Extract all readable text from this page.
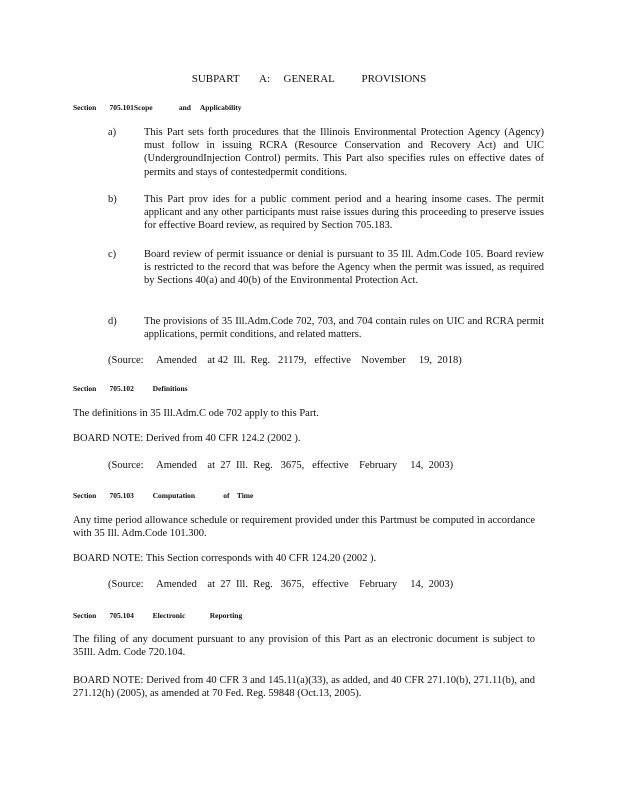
SUBPART   A:  GENERAL    PROVISIONS
Section       705.101Scope              and     Applicability
a)	This Part sets forth procedures that the Illinois Environmental Protection Agency (Agency) must follow in issuing RCRA (Resource Conservation and Recovery Act) and UIC (UndergroundInjection Control) permits. This Part also specifies rules on effective dates of permits and stays of contestedpermit conditions.
b)	This Part prov ides for a public comment period and a hearing insome cases. The permit applicant and any other participants must raise issues during this proceeding to preserve issues for effective Board review, as required by Section 705.183.
c)	Board review of permit issuance or denial is pursuant to 35 Ill. Adm.Code 105. Board review is restricted to the record that was before the Agency when the permit was issued, as required by Sections 40(a) and 40(b) of the Environmental Protection Act.
d)	The provisions of 35 Ill.Adm.Code 702, 703, and 704 contain rules on UIC and RCRA permit applications, permit conditions, and related matters.
(Source:     Amended    at 42  Ill.  Reg.   21179,   effective    November     19,  2018)
Section       705.102          Definitions
The definitions in 35 Ill.Adm.C ode 702 apply to this Part.
BOARD NOTE: Derived from 40 CFR 124.2 (2002 ).
(Source:     Amended    at  27  Ill.  Reg.   3675,   effective    February     14,  2003)
Section       705.103          Computation               of    Time
Any time period allowance schedule or requirement provided under this Partmust be computed in accordance with 35 Ill. Adm.Code 101.300.
BOARD NOTE: This Section corresponds with 40 CFR 124.20 (2002 ).
(Source:     Amended    at  27  Ill.  Reg.   3675,   effective    February     14,  2003)
Section       705.104          Electronic             Reporting
The filing of any document pursuant to any provision of this Part as an electronic document is subject to 35Ill. Adm. Code 720.104.
BOARD NOTE: Derived from 40 CFR 3 and 145.11(a)(33), as added, and 40 CFR 271.10(b), 271.11(b), and 271.12(h) (2005), as amended at 70 Fed. Reg. 59848 (Oct.13, 2005).
